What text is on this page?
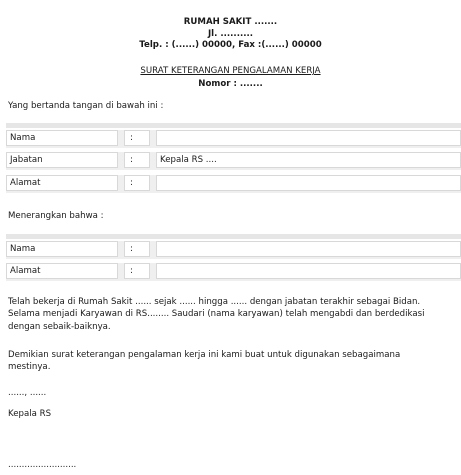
RUMAH SAKIT .......
Jl. ..........
Telp. : (......) 00000, Fax :(......) 00000
SURAT KETERANGAN PENGALAMAN KERJA
Nomor : .......
Yang bertanda tangan di bawah ini :
Nama	:
Jabatan	:	Kepala RS ....
Alamat	:
Menerangkan bahwa :
Nama	:
Alamat	:
Telah bekerja di Rumah Sakit ...... sejak ...... hingga ...... dengan jabatan terakhir sebagai Bidan.
Selama menjadi Karyawan di RS........ Saudari (nama karyawan) telah mengabdi dan berdedikasi
dengan sebaik-baiknya.
Demikian surat keterangan pengalaman kerja ini kami buat untuk digunakan sebagaimana
mestinya.
......, ......
Kepala RS
.........................
